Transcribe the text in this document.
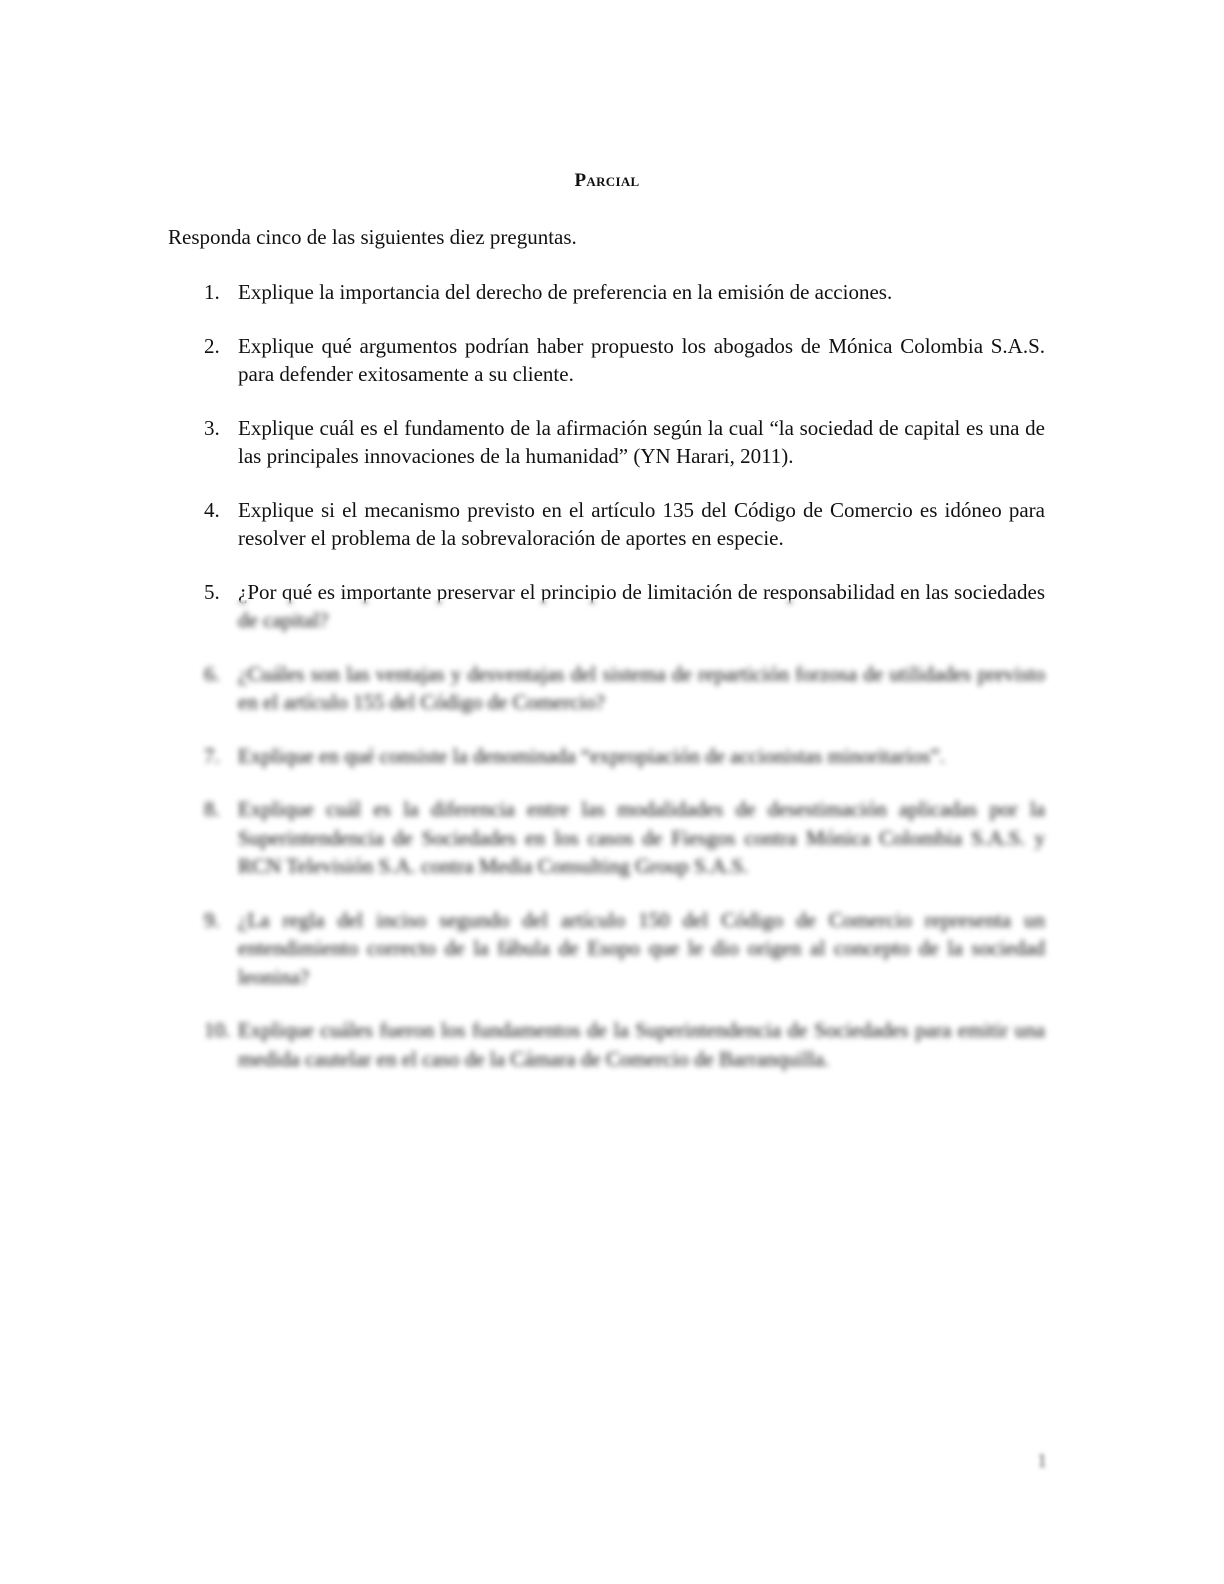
Parcial
Responda cinco de las siguientes diez preguntas.
1. Explique la importancia del derecho de preferencia en la emisión de acciones.
2. Explique qué argumentos podrían haber propuesto los abogados de Mónica Colombia S.A.S. para defender exitosamente a su cliente.
3. Explique cuál es el fundamento de la afirmación según la cual “la sociedad de capital es una de las principales innovaciones de la humanidad” (YN Harari, 2011).
4. Explique si el mecanismo previsto en el artículo 135 del Código de Comercio es idóneo para resolver el problema de la sobrevaloración de aportes en especie.
5. ¿Por qué es importante preservar el principio de limitación de responsabilidad en las sociedades de capital?
6. ¿Cuáles son las ventajas y desventajas del sistema de repartición forzosa de utilidades previsto en el artículo 155 del Código de Comercio?
7. Explique en qué consiste la denominada “expropiación de accionistas minoritarios”.
8. Explique cuál es la diferencia entre las modalidades de desestimación aplicadas por la Superintendencia de Sociedades en los casos de Fiesgos contra Mónica Colombia S.A.S. y RCN Televisión S.A. contra Media Consulting Group S.A.S.
9. ¿La regla del inciso segundo del artículo 150 del Código de Comercio representa un entendimiento correcto de la fábula de Esopo que le dio origen al concepto de la sociedad leonina?
10. Explique cuáles fueron los fundamentos de la Superintendencia de Sociedades para emitir una medida cautelar en el caso de la Cámara de Comercio de Barranquilla.
1
